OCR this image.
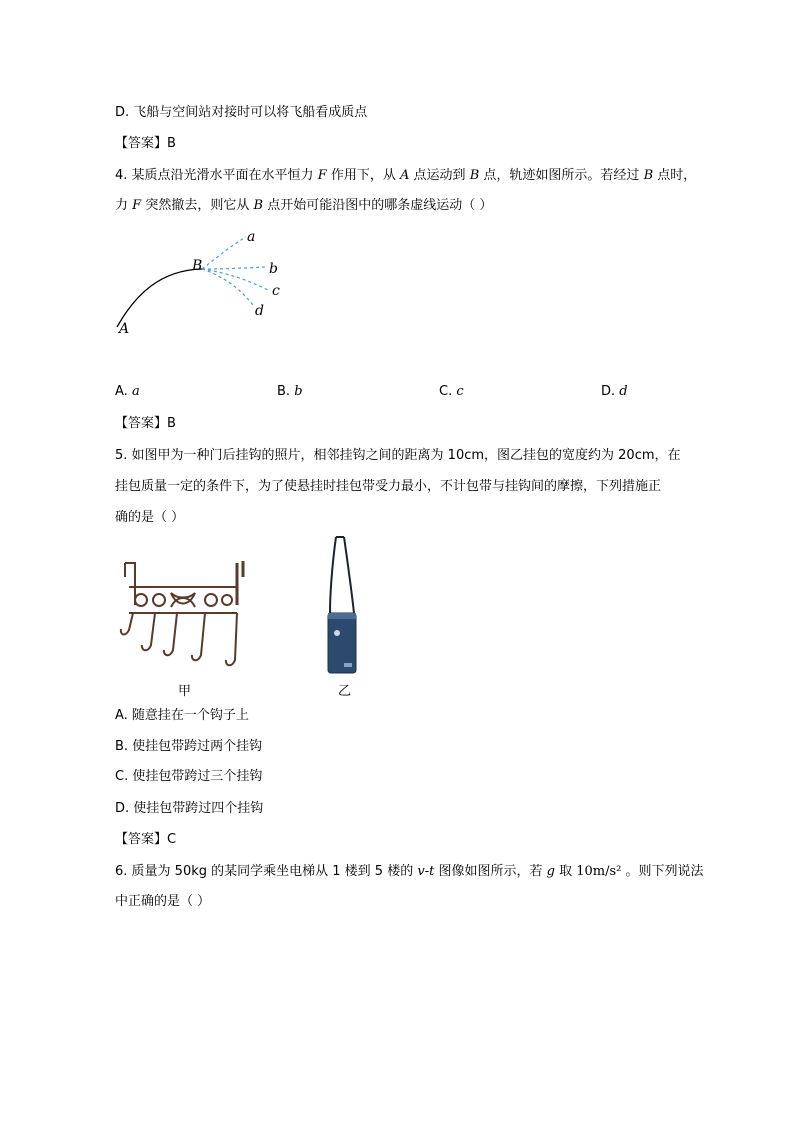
D. 飞船与空间站对接时可以将飞船看成质点
【答案】B
4. 某质点沿光滑水平面在水平恒力 F 作用下，从 A 点运动到 B 点，轨迹如图所示。若经过 B 点时，
力 F 突然撤去，则它从 B 点开始可能沿图中的哪条虚线运动（ ）
A
B
a
b
c
d
A. a	B. b	C. c	D. d
【答案】B
5. 如图甲为一种门后挂钩的照片，相邻挂钩之间的距离为 10cm，图乙挂包的宽度约为 20cm，在
挂包质量一定的条件下，为了使悬挂时挂包带受力最小，不计包带与挂钩间的摩擦，下列措施正
确的是（ ）
甲	乙
A. 随意挂在一个钩子上
B. 使挂包带跨过两个挂钩
C. 使挂包带跨过三个挂钩
D. 使挂包带跨过四个挂钩
【答案】C
6. 质量为 50kg 的某同学乘坐电梯从 1 楼到 5 楼的 v-t 图像如图所示，若 g 取 10m/s² 。则下列说法
中正确的是（ ）
